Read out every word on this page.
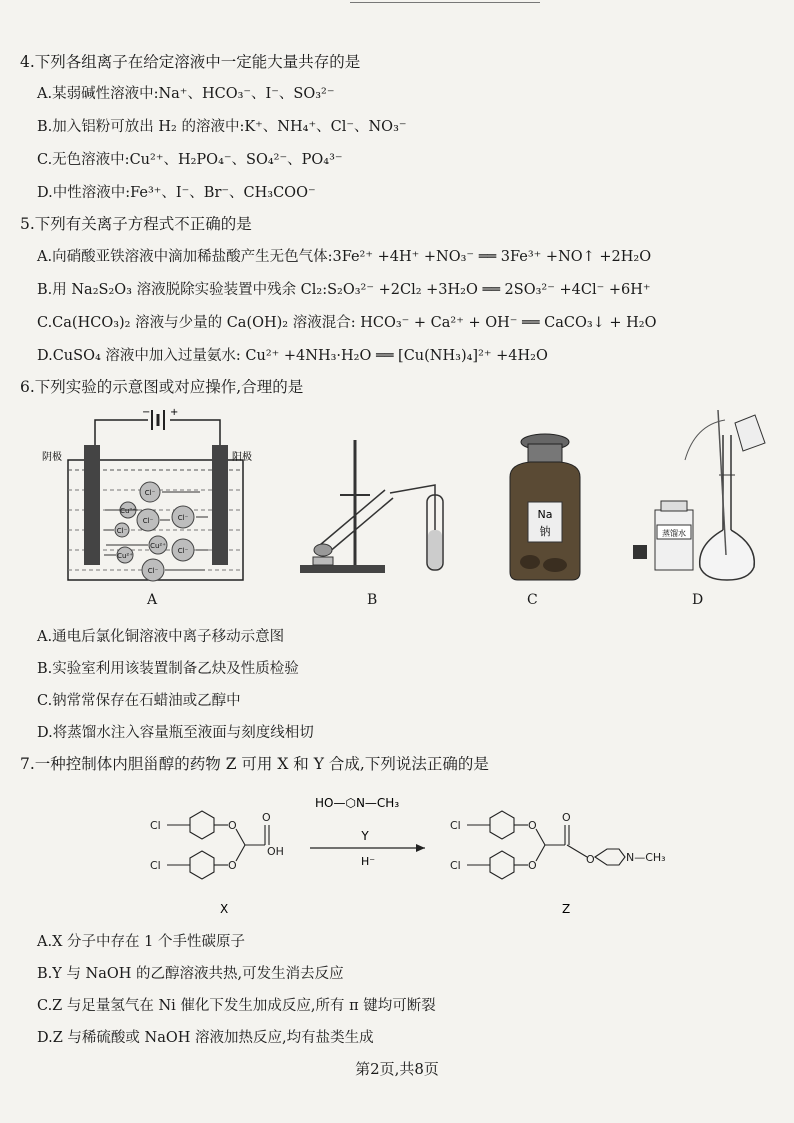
4.下列各组离子在给定溶液中一定能大量共存的是
A.某弱碱性溶液中:Na⁺、HCO₃⁻、I⁻、SO₃²⁻
B.加入铝粉可放出 H₂ 的溶液中:K⁺、NH₄⁺、Cl⁻、NO₃⁻
C.无色溶液中:Cu²⁺、H₂PO₄⁻、SO₄²⁻、PO₄³⁻
D.中性溶液中:Fe³⁺、I⁻、Br⁻、CH₃COO⁻
5.下列有关离子方程式不正确的是
A.向硝酸亚铁溶液中滴加稀盐酸产生无色气体:3Fe²⁺ +4H⁺ +NO₃⁻ ══ 3Fe³⁺ +NO↑ +2H₂O
B.用 Na₂S₂O₃ 溶液脱除实验装置中残余 Cl₂:S₂O₃²⁻ +2Cl₂ +3H₂O ══ 2SO₃²⁻ +4Cl⁻ +6H⁺
C.Ca(HCO₃)₂ 溶液与少量的 Ca(OH)₂ 溶液混合: HCO₃⁻ + Ca²⁺ + OH⁻ ══ CaCO₃↓ + H₂O
D.CuSO₄ 溶液中加入过量氨水: Cu²⁺ +4NH₃·H₂O ══ [Cu(NH₃)₄]²⁺ +4H₂O
6.下列实验的示意图或对应操作,合理的是
− +
阴极	阳极
Cl⁻
Cu²⁺
Cl⁻	Cl⁻
Cl⁻
Cu²⁺
Cl⁻
Cu²⁺
Cl⁻
A	B
Na
钠
C
蒸馏水
D
A.通电后氯化铜溶液中离子移动示意图
B.实验室利用该装置制备乙炔及性质检验
C.钠常常保存在石蜡油或乙醇中
D.将蒸馏水注入容量瓶至液面与刻度线相切
7.一种控制体内胆甾醇的药物 Z 可用 X 和 Y 合成,下列说法正确的是
HO—⬡N—CH₃
Y
H⁻
Cl
Cl
O
O
O
OH
X
Cl
Cl
O
O
O
O	N—CH₃
Z
A.X 分子中存在 1 个手性碳原子
B.Y 与 NaOH 的乙醇溶液共热,可发生消去反应
C.Z 与足量氢气在 Ni 催化下发生加成反应,所有 π 键均可断裂
D.Z 与稀硫酸或 NaOH 溶液加热反应,均有盐类生成
第2页,共8页
